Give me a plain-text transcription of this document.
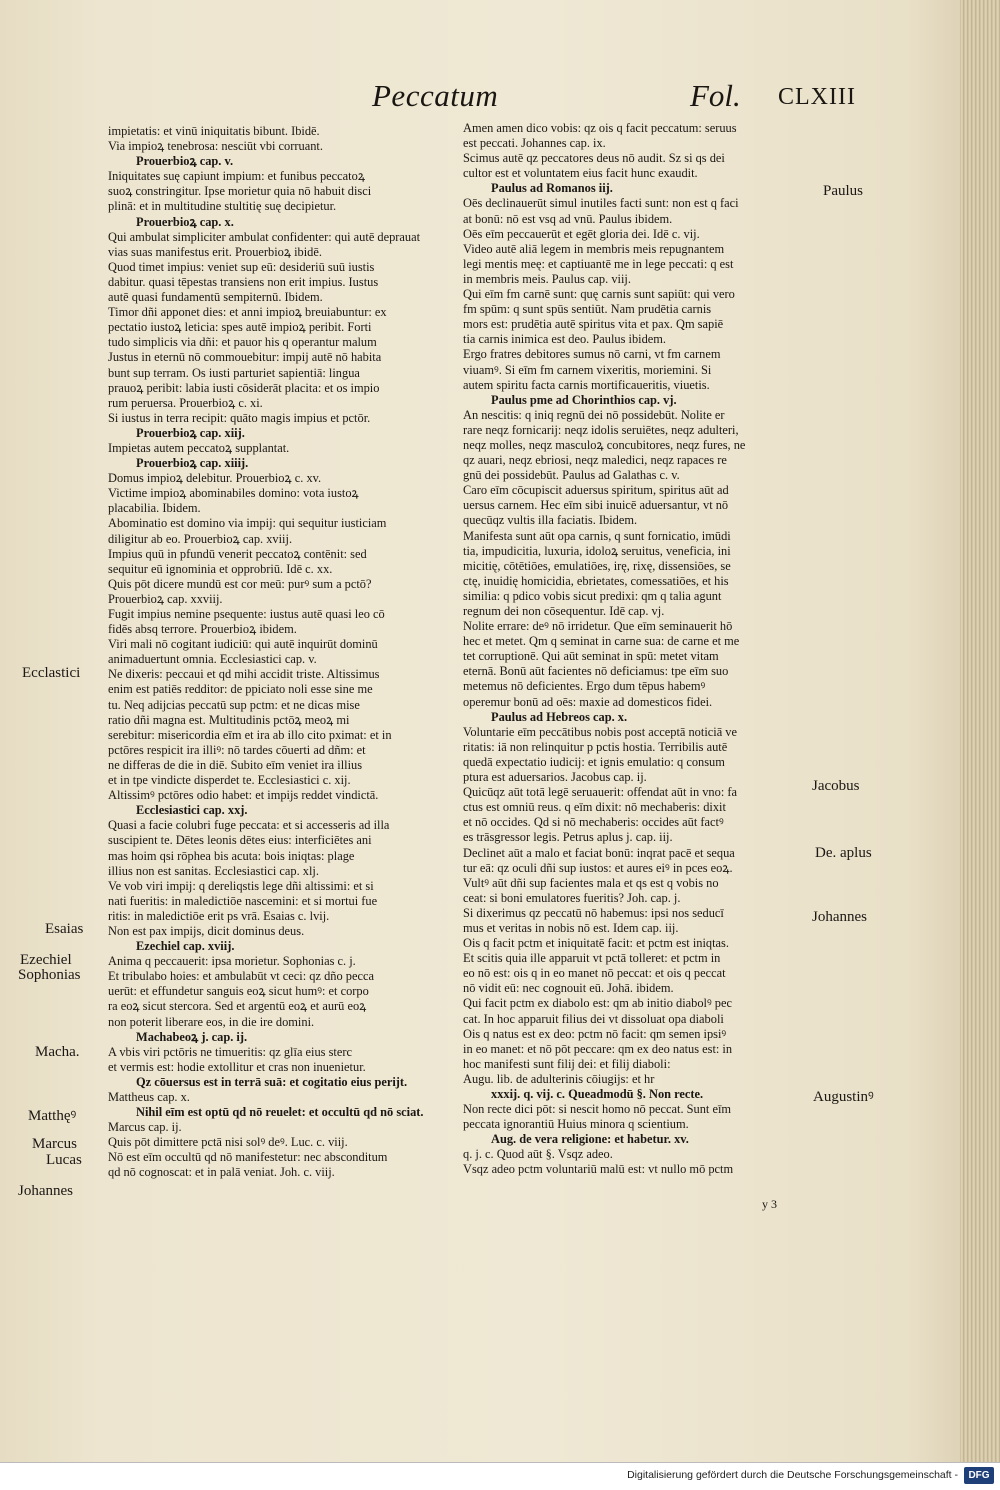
Peccatum	Fol. CLXIII
impietatis: et vinū iniquitatis bibunt. Ibidē.
Via impioꝝ tenebrosa: nesciūt vbi corruant.
Prouerbioꝝ cap. v.
Iniquitates suę capiunt impium: et funibus peccatoꝝ
suoꝝ constringitur. Ipse morietur quia nō habuit disci
plinā: et in multitudine stultitię suę decipietur.
Prouerbioꝝ cap. x.
Qui ambulat simpliciter ambulat confidenter: qui autē deprauat
vias suas manifestus erit. Prouerbioꝝ ibidē.
Quod timet impius: veniet sup eū: desideriū suū iustis
dabitur. quasi tēpestas transiens non erit impius. Iustus
autē quasi fundamentū sempiternū. Ibidem.
Timor dñi apponet dies: et anni impioꝝ breuiabuntur: ex
pectatio iustoꝝ leticia: spes autē impioꝝ peribit. Forti
tudo simplicis via dñi: et pauor his q operantur malum
Justus in eternū nō commouebitur: impij autē nō habita
bunt sup terram. Os iusti parturiet sapientiā: lingua
prauoꝝ peribit: labia iusti cōsiderāt placita: et os impio
rum peruersa. Prouerbioꝝ c. xi.
Si iustus in terra recipit: quāto magis impius et pctōr.
Prouerbioꝝ cap. xiij.
Impietas autem peccatoꝝ supplantat.
Prouerbioꝝ cap. xiiij.
Domus impioꝝ delebitur. Prouerbioꝝ c. xv.
Victime impioꝝ abominabiles domino: vota iustoꝝ
placabilia. Ibidem.
Abominatio est domino via impij: qui sequitur iusticiam
diligitur ab eo. Prouerbioꝝ cap. xviij.
Impius quū in pfundū venerit peccatoꝝ contēnit: sed
sequitur eū ignominia et opprobriū. Idē c. xx.
Quis pōt dicere mundū est cor meū: purꝰ sum a pctō?
Prouerbioꝝ cap. xxviij.
Fugit impius nemine psequente: iustus autē quasi leo cō
fidēs absq terrore. Prouerbioꝝ ibidem.
Viri mali nō cogitant iudiciū: qui autē inquirūt dominū
animaduertunt omnia. Ecclesiastici cap. v.
Ne dixeris: peccaui et qd mihi accidit triste. Altissimus
enim est patiēs redditor: de ppiciato noli esse sine me
tu. Neq adijcias peccatū sup pctm: et ne dicas mise
ratio dñi magna est. Multitudinis pctōꝝ meoꝝ mi
serebitur: misericordia eīm et ira ab illo cito pximat: et in
pctōres respicit ira illiꝰ: nō tardes cōuerti ad dñm: et
ne differas de die in diē. Subito eīm veniet ira illius
et in tpe vindicte disperdet te. Ecclesiastici c. xij.
Altissimꝰ pctōres odio habet: et impijs reddet vindictā.
Ecclesiastici cap. xxj.
Quasi a facie colubri fuge peccata: et si accesseris ad illa
suscipient te. Dētes leonis dētes eius: interficiētes ani
mas hoim qsi rōphea bis acuta: bois iniqtas: plage
illius non est sanitas. Ecclesiastici cap. xlj.
Ve vob viri impij: q dereliqstis lege dñi altissimi: et si
nati fueritis: in maledictiōe nascemini: et si mortui fue
ritis: in maledictiōe erit ps vrā. Esaias c. lvij.
Non est pax impijs, dicit dominus deus.
Ezechiel cap. xviij.
Anima q peccauerit: ipsa morietur. Sophonias c. j.
Et tribulabo hoies: et ambulabūt vt ceci: qz dño pecca
uerūt: et effundetur sanguis eoꝝ sicut humꝰ: et corpo
ra eoꝝ sicut stercora. Sed et argentū eoꝝ et aurū eoꝝ
non poterit liberare eos, in die ire domini.
Machabeoꝝ j. cap. ij.
A vbis viri pctōris ne timueritis: qz glīa eius sterc
et vermis est: hodie extollitur et cras non inuenietur.
Qz cōuersus est in terrā suā: et cogitatio eius perijt.
Mattheus cap. x.
Nihil eīm est optū qd nō reuelet: et occultū qd nō sciat.
Marcus cap. ij.
Quis pōt dimittere pctā nisi solꝰ deꝰ. Luc. c. viij.
Nō est eīm occultū qd nō manifestetur: nec absconditum
qd nō cognoscat: et in palā veniat. Joh. c. viij.
Amen amen dico vobis: qz ois q facit peccatum: seruus
est peccati. Johannes cap. ix.
Scimus autē qz peccatores deus nō audit. Sz si qs dei
cultor est et voluntatem eius facit hunc exaudit.
Paulus ad Romanos iij.
Oēs declinauerūt simul inutiles facti sunt: non est q faci
at bonū: nō est vsq ad vnū. Paulus ibidem.
Oēs eīm peccauerūt et egēt gloria dei. Idē c. vij.
Video autē aliā legem in membris meis repugnantem
legi mentis meę: et captiuantē me in lege peccati: q est
in membris meis. Paulus cap. viij.
Qui eīm fm carnē sunt: quę carnis sunt sapiūt: qui vero
fm spūm: q sunt spūs sentiūt. Nam prudētia carnis
mors est: prudētia autē spiritus vita et pax. Qm sapiē
tia carnis inimica est deo. Paulus ibidem.
Ergo fratres debitores sumus nō carni, vt fm carnem
viuamꝰ. Si eīm fm carnem vixeritis, moriemini. Si
autem spiritu facta carnis mortificaueritis, viuetis.
Paulus pme ad Chorinthios cap. vj.
An nescitis: q iniq regnū dei nō possidebūt. Nolite er
rare neqz fornicarij: neqz idolis seruiētes, neqz adulteri,
neqz molles, neqz masculoꝝ concubitores, neqz fures, ne
qz auari, neqz ebriosi, neqz maledici, neqz rapaces re
gnū dei possidebūt. Paulus ad Galathas c. v.
Caro eīm cōcupiscit aduersus spiritum, spiritus aūt ad
uersus carnem. Hec eīm sibi inuicē aduersantur, vt nō
quecūqz vultis illa faciatis. Ibidem.
Manifesta sunt aūt opa carnis, q sunt fornicatio, imūdi
tia, impudicitia, luxuria, idoloꝝ seruitus, veneficia, ini
micitię, cōtētiōes, emulatiōes, irę, rixę, dissensiōes, se
ctę, inuidię homicidia, ebrietates, comessatiōes, et his
similia: q pdico vobis sicut predixi: qm q talia agunt
regnum dei non cōsequentur. Idē cap. vj.
Nolite errare: deꝰ nō irridetur. Que eīm seminauerit hō
hec et metet. Qm q seminat in carne sua: de carne et me
tet corruptionē. Qui aūt seminat in spū: metet vitam
eternā. Bonū aūt facientes nō deficiamus: tpe eīm suo
metemus nō deficientes. Ergo dum tēpus habemꝰ
operemur bonū ad oēs: maxie ad domesticos fidei.
Paulus ad Hebreos cap. x.
Voluntarie eīm peccātibus nobis post acceptā noticiā ve
ritatis: iā non relinquitur p pctis hostia. Terribilis autē
quedā expectatio iudicij: et ignis emulatio: q consum
ptura est aduersarios. Jacobus cap. ij.
Quicūqz aūt totā legē seruauerit: offendat aūt in vno: fa
ctus est omniū reus. q eīm dixit: nō mechaberis: dixit
et nō occides. Qd si nō mechaberis: occides aūt factꝰ
es trāsgressor legis. Petrus aplus j. cap. iij.
Declinet aūt a malo et faciat bonū: inqrat pacē et sequa
tur eā: qz oculi dñi sup iustos: et aures eiꝰ in pces eoꝝ.
Vultꝰ aūt dñi sup facientes mala et qs est q vobis no
ceat: si boni emulatores fueritis? Joh. cap. j.
Si dixerimus qz peccatū nō habemus: ipsi nos seducī
mus et veritas in nobis nō est. Idem cap. iij.
Ois q facit pctm et iniquitatē facit: et pctm est iniqtas.
Et scitis quia ille apparuit vt pctā tolleret: et pctm in
eo nō est: ois q in eo manet nō peccat: et ois q peccat
nō vidit eū: nec cognouit eū. Johā. ibidem.
Qui facit pctm ex diabolo est: qm ab initio diabolꝰ pec
cat. In hoc apparuit filius dei vt dissoluat opa diaboli
Ois q natus est ex deo: pctm nō facit: qm semen ipsiꝰ
in eo manet: et nō pōt peccare: qm ex deo natus est: in
hoc manifesti sunt filij dei: et filij diaboli:
Augu. lib. de adulterinis cōiugijs: et hr
xxxij. q. vij. c. Queadmodū §. Non recte.
Non recte dici pōt: si nescit homo nō peccat. Sunt eīm
peccata ignorantiū Huius minora q scientium.
Aug. de vera religione: et habetur. xv.
q. j. c. Quod aūt §. Vsqz adeo.
Vsqz adeo pctm voluntariū malū est: vt nullo mō pctm
Paulus
Ecclastici
Jacobus
De. aplus
Johannes
Esaias
Ezechiel
Sophonias
Macha.
Augustinꝰ
Matthęꝰ
Marcus
Lucas
Johannes
y 3
Digitalisierung gefördert durch die Deutsche Forschungsgemeinschaft -	DFG
